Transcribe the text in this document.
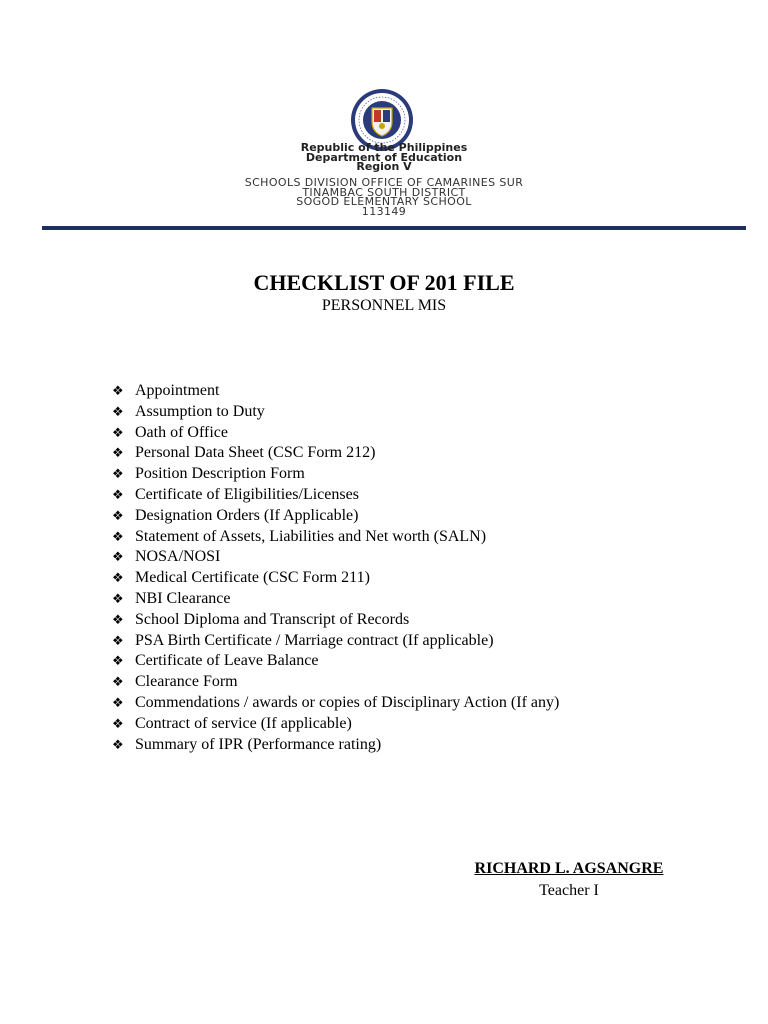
Republic of the Philippines
Department of Education
Region V
SCHOOLS DIVISION OFFICE OF CAMARINES SUR
TINAMBAC SOUTH DISTRICT
SOGOD ELEMENTARY SCHOOL
113149
CHECKLIST OF 201 FILE
PERSONNEL MIS
❖ Appointment
❖ Assumption to Duty
❖ Oath of Office
❖ Personal Data Sheet (CSC Form 212)
❖ Position Description Form
❖ Certificate of Eligibilities/Licenses
❖ Designation Orders (If Applicable)
❖ Statement of Assets, Liabilities and Net worth (SALN)
❖ NOSA/NOSI
❖ Medical Certificate (CSC Form 211)
❖ NBI Clearance
❖ School Diploma and Transcript of Records
❖ PSA Birth Certificate / Marriage contract (If applicable)
❖ Certificate of Leave Balance
❖ Clearance Form
❖ Commendations / awards or copies of Disciplinary Action (If any)
❖ Contract of service (If applicable)
❖ Summary of IPR (Performance rating)
RICHARD L. AGSANGRE
Teacher I
